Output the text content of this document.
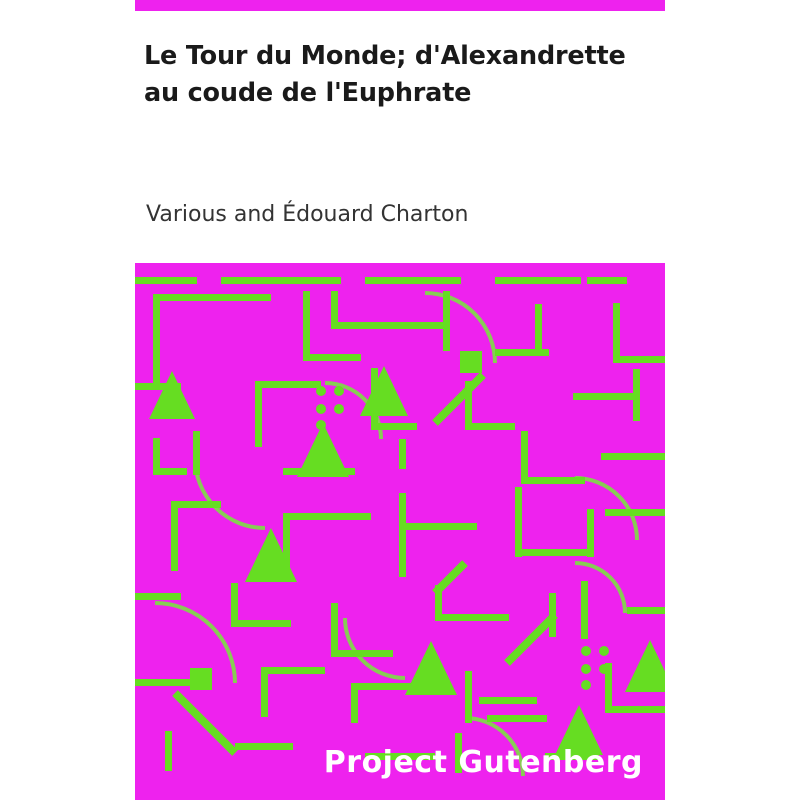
Le Tour du Monde; d'Alexandrette au coude de l'Euphrate
Various and Édouard Charton
Project Gutenberg
